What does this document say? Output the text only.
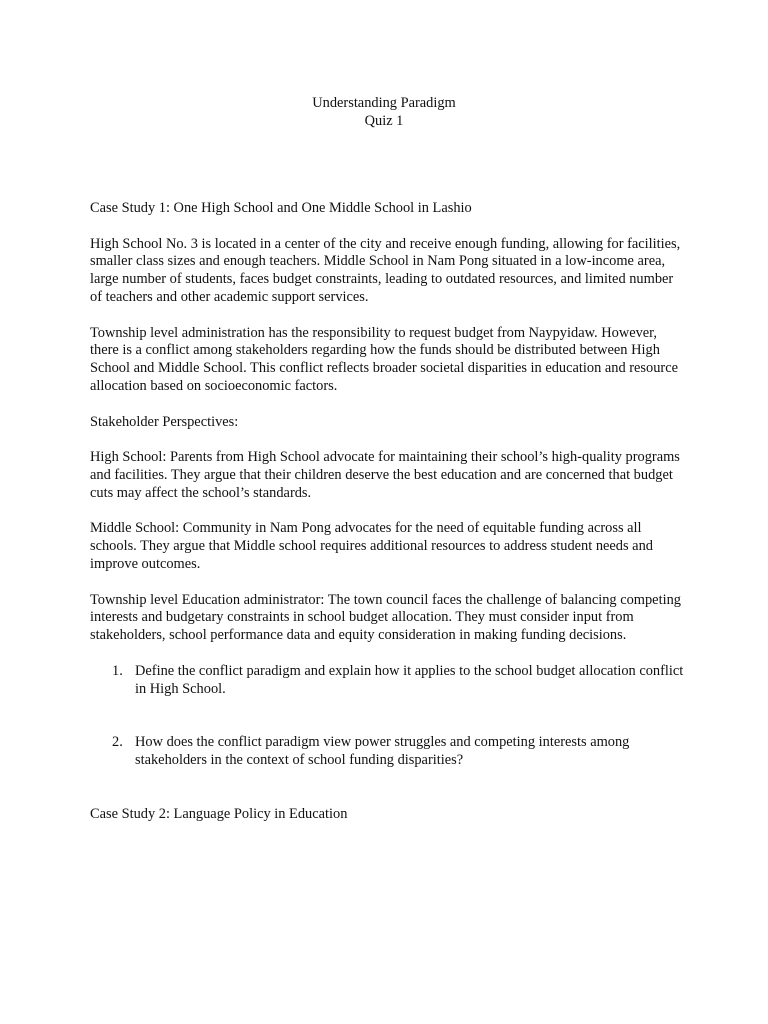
Understanding Paradigm
Quiz 1

Case Study 1: One High School and One Middle School in Lashio

High School No. 3 is located in a center of the city and receive enough funding, allowing for facilities, smaller class sizes and enough teachers. Middle School in Nam Pong situated in a low-income area, large number of students, faces budget constraints, leading to outdated resources, and limited number of teachers and other academic support services.

Township level administration has the responsibility to request budget from Naypyidaw. However, there is a conflict among stakeholders regarding how the funds should be distributed between High School and Middle School. This conflict reflects broader societal disparities in education and resource allocation based on socioeconomic factors.

Stakeholder Perspectives:

High School: Parents from High School advocate for maintaining their school’s high-quality programs and facilities. They argue that their children deserve the best education and are concerned that budget cuts may affect the school’s standards.

Middle School: Community in Nam Pong advocates for the need of equitable funding across all schools. They argue that Middle school requires additional resources to address student needs and improve outcomes.

Township level Education administrator: The town council faces the challenge of balancing competing interests and budgetary constraints in school budget allocation. They must consider input from stakeholders, school performance data and equity consideration in making funding decisions.

1. Define the conflict paradigm and explain how it applies to the school budget allocation conflict in High School.
2. How does the conflict paradigm view power struggles and competing interests among stakeholders in the context of school funding disparities?

Case Study 2: Language Policy in Education
